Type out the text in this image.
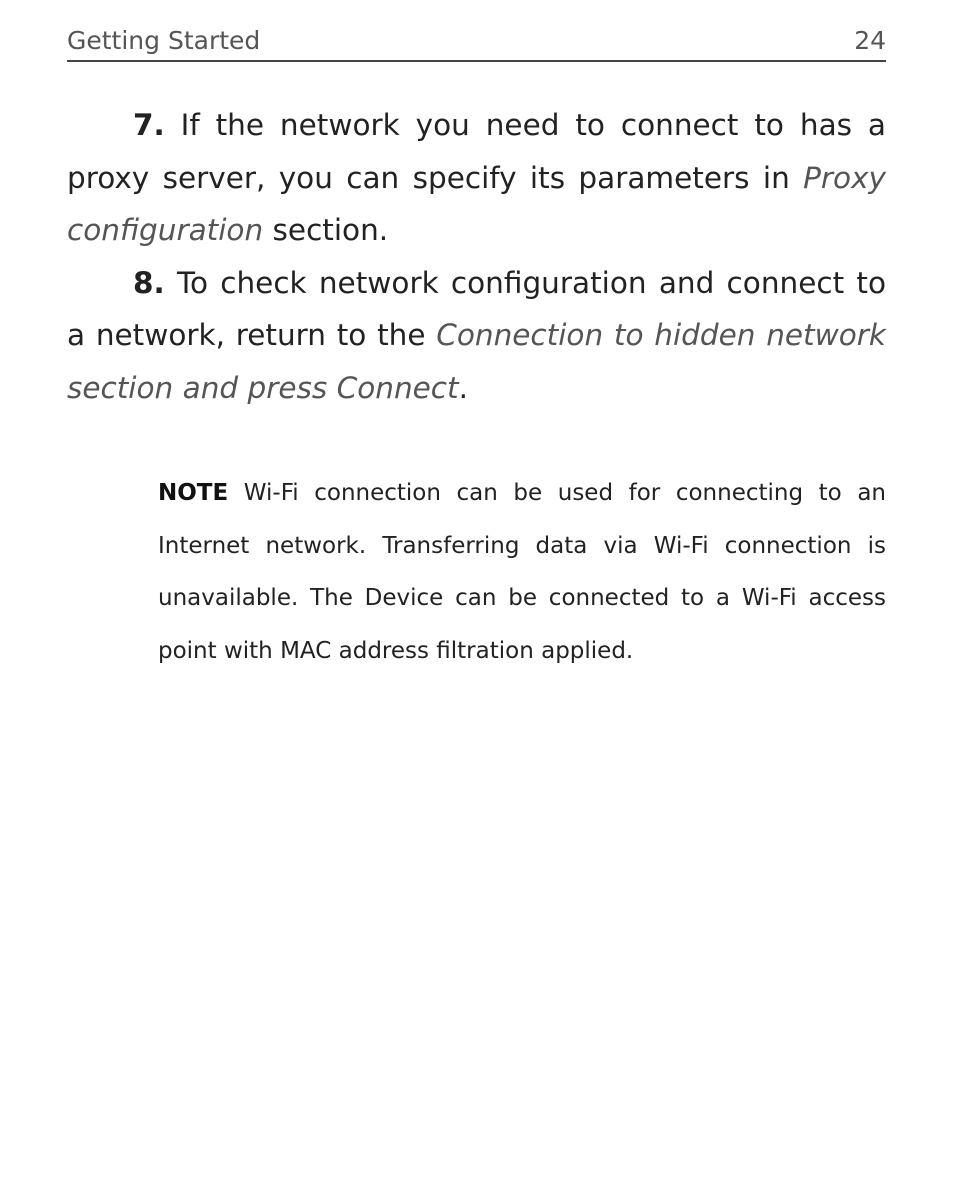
Getting Started	24

7. If the network you need to connect to has a proxy server, you can specify its parameters in Proxy configuration section.

8. To check network configuration and connect to a network, return to the Connection to hidden network section and press Connect.

NOTE Wi-Fi connection can be used for connecting to an Internet network. Transferring data via Wi-Fi connection is unavailable. The Device can be connected to a Wi-Fi access point with MAC address filtration applied.
